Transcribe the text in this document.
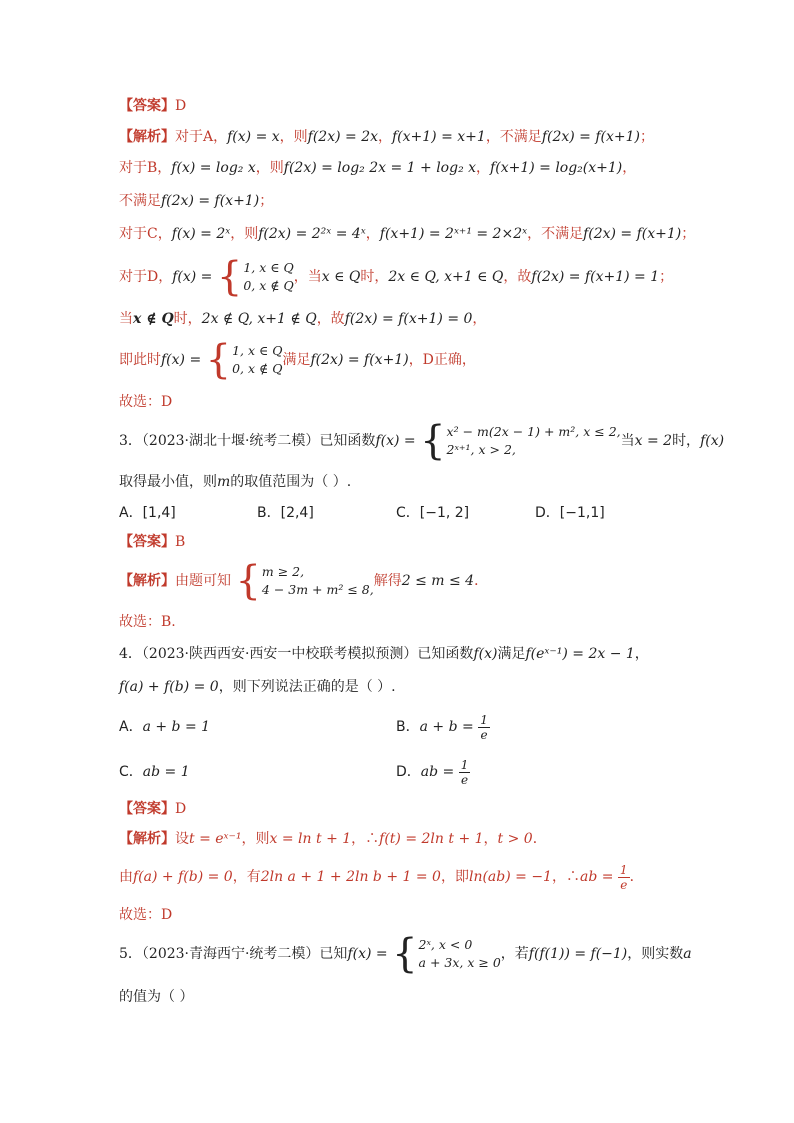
【答案】D
【解析】对于A，f(x) = x，则f(2x) = 2x，f(x+1) = x+1，不满足f(2x) = f(x+1)；
对于B，f(x) = log₂ x，则f(2x) = log₂ 2x = 1 + log₂ x，f(x+1) = log₂(x+1)，
不满足f(2x) = f(x+1)；
对于C，f(x) = 2ˣ，则f(2x) = 2²ˣ = 4ˣ，f(x+1) = 2ˣ⁺¹ = 2×2ˣ，不满足f(2x) = f(x+1)；
对于D，f(x) = { 1, x ∈ Q
0, x ∉ Q
，当x ∈ Q时，2x ∈ Q, x+1 ∈ Q，故f(2x) = f(x+1) = 1；
当x ∉ Q时，2x ∉ Q, x+1 ∉ Q，故f(2x) = f(x+1) = 0，
即此时f(x) = { 1, x ∈ Q
0, x ∉ Q
满足f(2x) = f(x+1)，D正确，
故选：D
3．（2023·湖北十堰·统考二模）已知函数f(x) = { x² − m(2x − 1) + m², x ≤ 2,
2ˣ⁺¹, x > 2,
当x = 2时，f(x)
取得最小值，则m的取值范围为（ ）.
A．[1,4]	B．[2,4]	C．[−1, 2]	D．[−1,1]
【答案】B
【解析】由题可知 { m ≥ 2,
4 − 3m + m² ≤ 8,
解得2 ≤ m ≤ 4．
故选：B.
4．（2023·陕西西安·西安一中校联考模拟预测）已知函数f(x)满足f(eˣ⁻¹) = 2x − 1，
f(a) + f(b) = 0，则下列说法正确的是（ ）.
A．a + b = 1	B．$a + b = \frac{1}{e}$
C．ab = 1	D．ab = $\frac{1}{e}$
【答案】D
【解析】设t = eˣ⁻¹，则x = ln t + 1，∴f(t) = 2ln t + 1，t > 0．
由f(a) + f(b) = 0，有2ln a + 1 + 2ln b + 1 = 0，即ln(ab) = −1，∴ab = $\frac{1}{e}$ ．
故选：D
5．（2023·青海西宁·统考二模）已知f(x) = { 2ˣ, x < 0
a + 3x, x ≥ 0
，若f(f(1)) = f(−1)，则实数a
的值为（ ）
